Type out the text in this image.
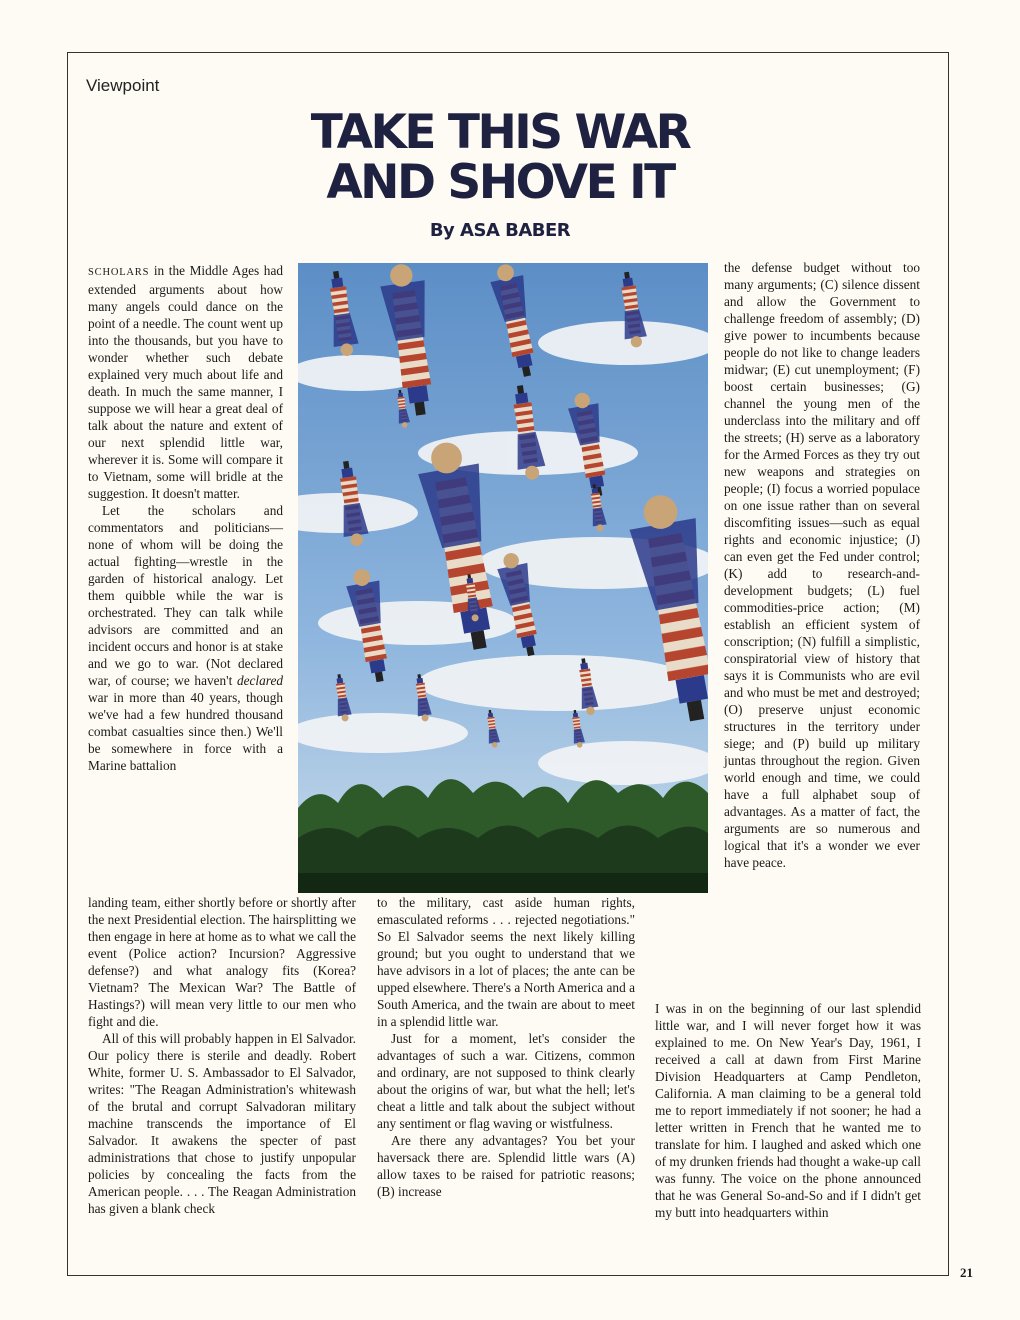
Viewpoint
TAKE THIS WAR
AND SHOVE IT
By ASA BABER

SCHOLARS in the Middle Ages had extended arguments about how many angels could dance on the point of a needle. The count went up into the thousands, but you have to wonder whether such debate explained very much about life and death. In much the same manner, I suppose we will hear a great deal of talk about the nature and extent of our next splendid little war, wherever it is. Some will compare it to Vietnam, some will bridle at the suggestion. It doesn't matter.

Let the scholars and commentators and politicians—none of whom will be doing the actual fighting—wrestle in the garden of historical analogy. Let them quibble while the war is orchestrated. They can talk while advisors are committed and an incident occurs and honor is at stake and we go to war. (Not declared war, of course; we haven't declared war in more than 40 years, though we've had a few hundred thousand combat casualties since then.) We'll be somewhere in force with a Marine battalion

landing team, either shortly before or shortly after the next Presidential election. The hairsplitting we then engage in here at home as to what we call the event (Police action? Incursion? Aggressive defense?) and what analogy fits (Korea? Vietnam? The Mexican War? The Battle of Hastings?) will mean very little to our men who fight and die.

All of this will probably happen in El Salvador. Our policy there is sterile and deadly. Robert White, former U. S. Ambassador to El Salvador, writes: "The Reagan Administration's whitewash of the brutal and corrupt Salvadoran military machine transcends the importance of El Salvador. It awakens the specter of past administrations that chose to justify unpopular policies by concealing the facts from the American people. . . . The Reagan Administration has given a blank check

to the military, cast aside human rights, emasculated reforms . . . rejected negotiations." So El Salvador seems the next likely killing ground; but you ought to understand that we have advisors in a lot of places; the ante can be upped elsewhere. There's a North America and a South America, and the twain are about to meet in a splendid little war.

Just for a moment, let's consider the advantages of such a war. Citizens, common and ordinary, are not supposed to think clearly about the origins of war, but what the hell; let's cheat a little and talk about the subject without any sentiment or flag waving or wistfulness.

Are there any advantages? You bet your haversack there are. Splendid little wars (A) allow taxes to be raised for patriotic reasons; (B) increase

the defense budget without too many arguments; (C) silence dissent and allow the Government to challenge freedom of assembly; (D) give power to incumbents because people do not like to change leaders midwar; (E) cut unemployment; (F) boost certain businesses; (G) channel the young men of the underclass into the military and off the streets; (H) serve as a laboratory for the Armed Forces as they try out new weapons and strategies on people; (I) focus a worried populace on one issue rather than on several discomfiting issues—such as equal rights and economic injustice; (J) can even get the Fed under control; (K) add to research-and-development budgets; (L) fuel commodities-price action; (M) establish an efficient system of conscription; (N) fulfill a simplistic, conspiratorial view of history that says it is Communists who are evil and who must be met and destroyed; (O) preserve unjust economic structures in the territory under siege; and (P) build up military juntas throughout the region. Given world enough and time, we could have a full alphabet soup of advantages. As a matter of fact, the arguments are so numerous and logical that it's a wonder we ever have peace.

I was in on the beginning of our last splendid little war, and I will never forget how it was explained to me. On New Year's Day, 1961, I received a call at dawn from First Marine Division Headquarters at Camp Pendleton, California. A man claiming to be a general told me to report immediately if not sooner; he had a letter written in French that he wanted me to translate for him. I laughed and asked which one of my drunken friends had thought a wake-up call was funny. The voice on the phone announced that he was General So-and-So and if I didn't get my butt into headquarters within

21
